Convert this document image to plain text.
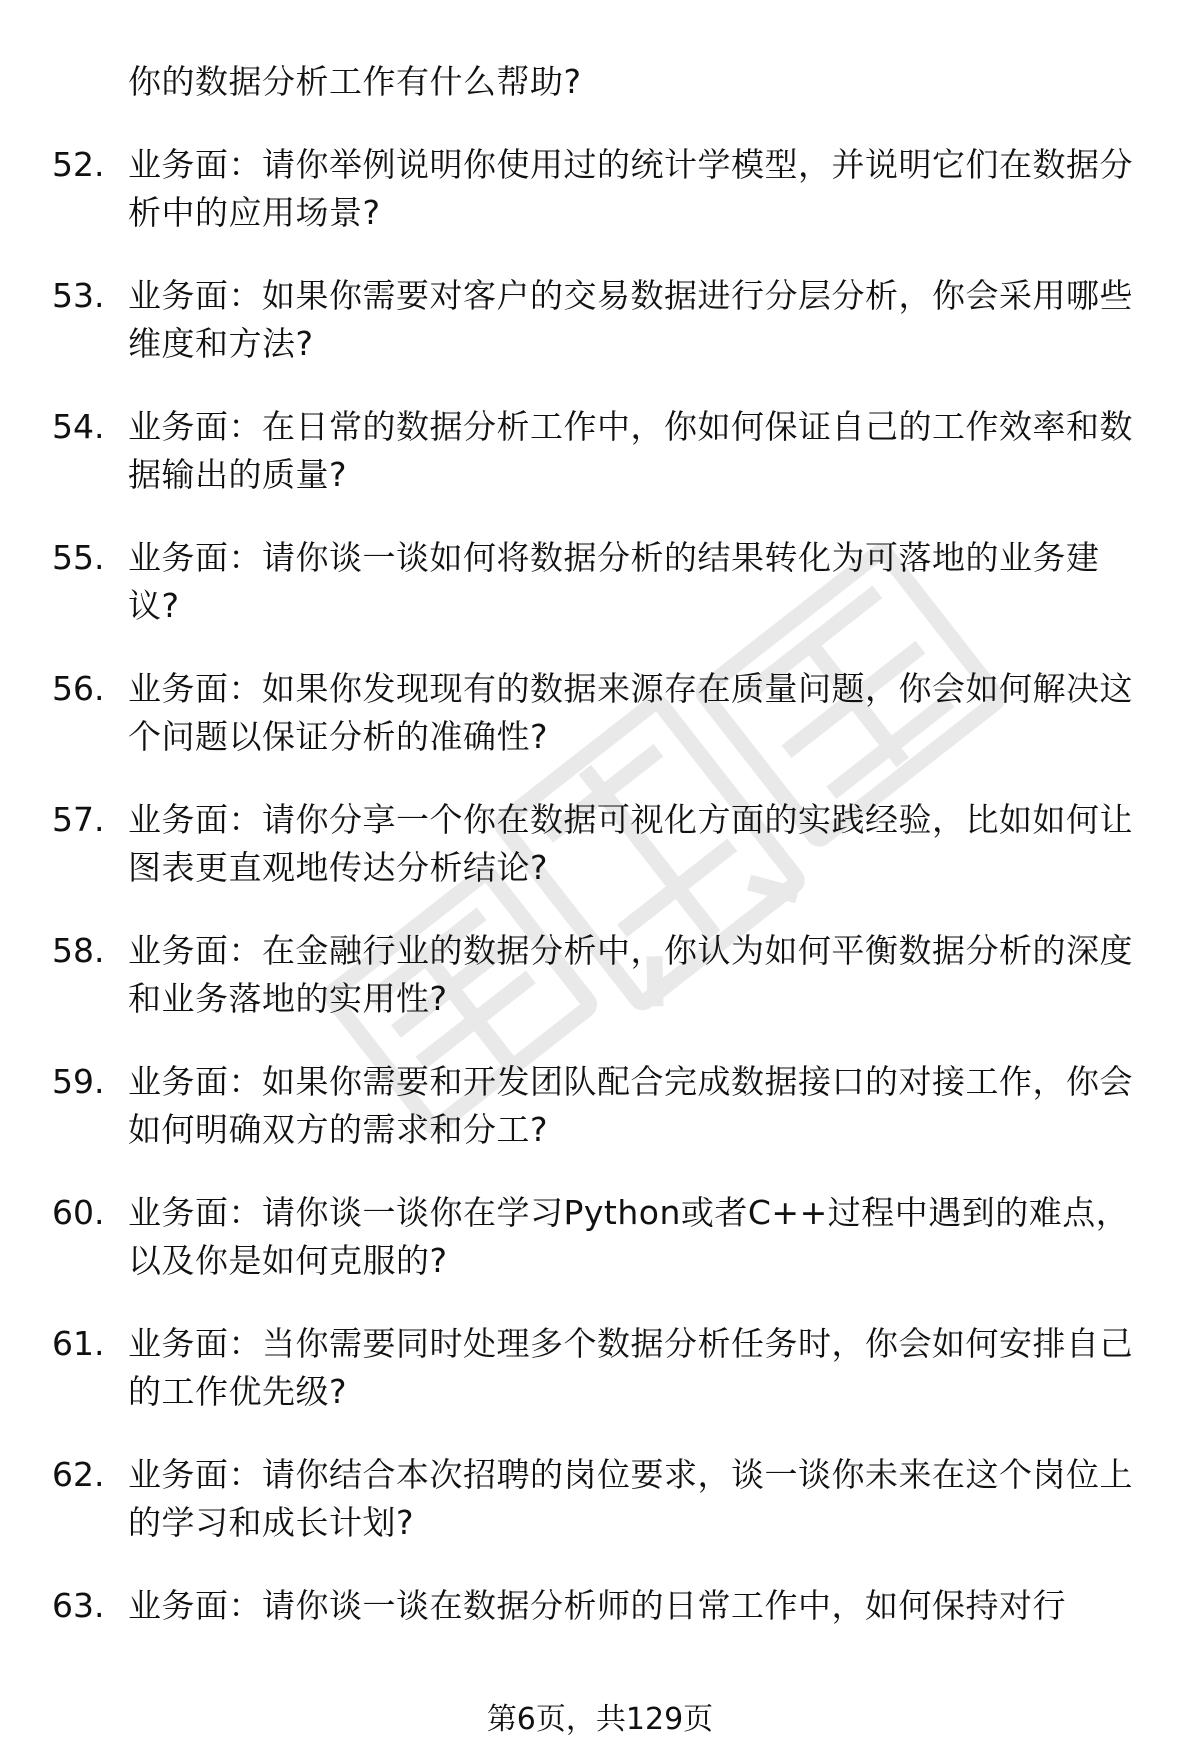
你的数据分析工作有什么帮助?

52. 业务面：请你举例说明你使用过的统计学模型，并说明它们在数据分析中的应用场景?
53. 业务面：如果你需要对客户的交易数据进行分层分析，你会采用哪些维度和方法?
54. 业务面：在日常的数据分析工作中，你如何保证自己的工作效率和数据输出的质量?
55. 业务面：请你谈一谈如何将数据分析的结果转化为可落地的业务建议?
56. 业务面：如果你发现现有的数据来源存在质量问题，你会如何解决这个问题以保证分析的准确性?
57. 业务面：请你分享一个你在数据可视化方面的实践经验，比如如何让图表更直观地传达分析结论?
58. 业务面：在金融行业的数据分析中，你认为如何平衡数据分析的深度和业务落地的实用性?
59. 业务面：如果你需要和开发团队配合完成数据接口的对接工作，你会如何明确双方的需求和分工?
60. 业务面：请你谈一谈你在学习Python或者C++过程中遇到的难点，以及你是如何克服的?
61. 业务面：当你需要同时处理多个数据分析任务时，你会如何安排自己的工作优先级?
62. 业务面：请你结合本次招聘的岗位要求，谈一谈你未来在这个岗位上的学习和成长计划?
63. 业务面：请你谈一谈在数据分析师的日常工作中，如何保持对行
第6页，共129页
